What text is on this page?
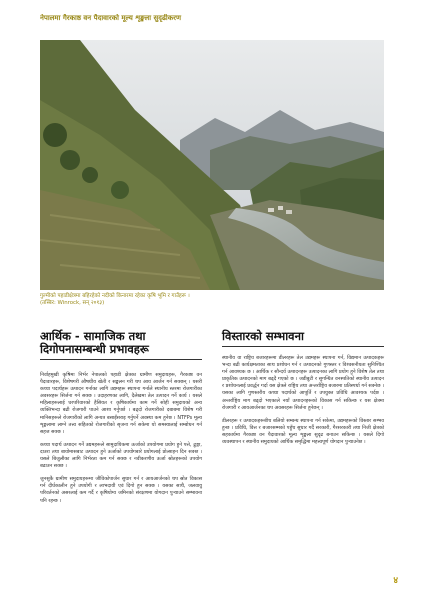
नेपालमा गैरकाष्ठ वन पैदावारको मूल्य शृङ्खला सुदृढीकरण
गुल्मीको पहाडीक्षेत्रमा बहिरहेको नदीको किनारमा रहेका कृषि भूमि र गाउँहरू ।
(तस्बिर: Winrock, सन् २०१३)
आर्थिक - सामाजिक तथा
दिगोपनासम्बन्धी प्रभावहरू

निर्वाहमुखी कृषिमा निर्भर नेपालको पहाडी क्षेत्रका ग्रामीण समुदायहरू, गैरकाष्ठ वन पैदावारहरू, विशेषगरी औषधीय खेती र सङ्कलन गरी थप आय आर्जन गर्न सक्छन् । यसरी कच्चा पदार्थहरू उत्पादन गर्नाका लागि उद्यमहरू स्थापना गर्नाले स्थानीय स्तरमा रोजगारीका अवसरहरू सिर्जना गर्न सक्छ । उदाहरणका लागि, दैलेखमा तेल उत्पादन गर्ने कार्य । यसले महिलाहरूलाई घरपरिवारको हैसियत र कृषिकार्यमा काम गर्ने सोही समुदायको अन्य व्यक्तिभन्दा बढी रोजगारी पाउने आशा गर्नुपर्छ । बढ्दो रोजगारीको दबाबमा विशेष गरी मानिसहरूले रोजगारीको लागि अन्यत्र बसाइँसराइ गर्नुपर्ने अवस्था कम हुनेछ । NTFPs मूल्य शृङ्खलामा लाग्ने तत्त्व सहितको रोजगारीको सृजना गर्न सकेमा यो समस्यालाई सम्बोधन गर्न सहज सक्छ ।

कच्चा पदार्थ उत्पादन गर्ने उद्यमहरूले सामुदायिकमा ऊर्जाको उपयोगमा प्रयोग हुने पत्ते, ढुङ्गा, दाउरा तथा बायोमासबाट उत्पादन हुने ऊर्जाको उपयोगबारे प्रयोगलाई प्रोत्साहन दिन सक्छ । यसले बिजुलीका लागि निर्भरता कम गर्न सक्छ र नवीकरणीय ऊर्जा स्रोतहरूको उपयोग बढाउन सक्छ ।

जुनसुकै ग्रामीण समुदायहरूमा जीविकोपार्जन सुधार गर्न र आयआर्जनको थप स्रोत विकास गर्न दीर्घकालीन हुने उपयोगी र लाभदायी एवं दिगो हुन सक्छ । यसका साथै, जलवायु परिवर्तनको असरलाई कम गर्दै र कृषियोग्य जमिनको संरक्षणमा योगदान पुऱ्याउने सम्भावना पनि रहन्छ ।

विस्तारको सम्भावना

स्थानीय वा राष्ट्रिय बजारहरूमा डीलरहरू तेल उद्यमहरू स्थापना गर्न, विद्यमान उत्पादकहरू भन्दा बढी कार्यक्षमताका साथ प्रशोधन गर्न र उत्पादनको गुणस्तर र विश्वसनीयता सुनिश्चित गर्न आवश्यक छ । आर्थिक र सौन्दर्य उत्पादनहरू उत्पादनका लागि प्रयोग हुने विशेष तेल तथा प्राकृतिक उत्पादनको माग बढ्दै गएको छ । जडीबुटी र सुगन्धित वनस्पतिको स्थानीय उत्पादन र प्रशोधनलाई प्रवर्द्धन गर्दा यस क्षेत्रले राष्ट्रिय तथा अन्तर्राष्ट्रिय बजारमा प्रतिस्पर्धा गर्न सक्नेछ । यसका लागि गुणस्तरीय कच्चा पदार्थको आपूर्ति र उपयुक्त प्रविधि आवश्यक पर्दछ । अन्तर्राष्ट्रिय माग बढ्दो भएकाले नयाँ उत्पादनहरूको विकास गर्न सकिन्छ र यस क्षेत्रमा रोजगारी र आयआर्जनका थप अवसरहरू सिर्जना हुनेछन् ।

डीलरहरू र उत्पादकहरूबीच बलियो सम्बन्ध स्थापना गर्न सकेमा, उद्यमहरूको विस्तार सम्भव हुन्छ । प्रविधि, वित्त र बजारसम्मको पहुँच सुधार गर्दै सरकारी, गैरसरकारी तथा निजी क्षेत्रको सहकार्यमा गैरकाष्ठ वन पैदावारको मूल्य शृङ्खला सुदृढ बनाउन सकिन्छ । यसले दिगो व्यवस्थापन र स्थानीय समुदायको आर्थिक समृद्धिमा महत्त्वपूर्ण योगदान पुऱ्याउनेछ ।

४
